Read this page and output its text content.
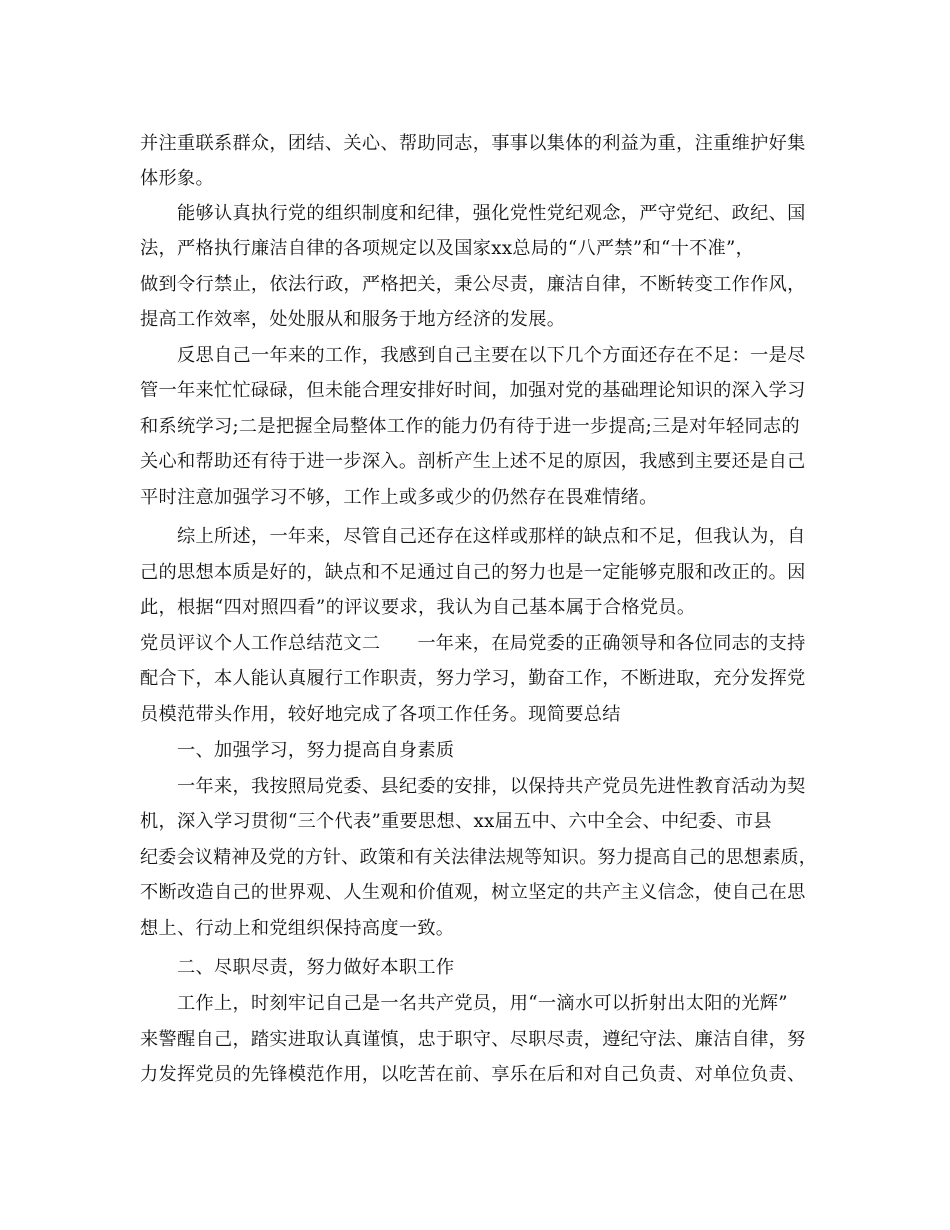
并注重联系群众，团结、关心、帮助同志，事事以集体的利益为重，注重维护好集
体形象。
能够认真执行党的组织制度和纪律，强化党性党纪观念，严守党纪、政纪、国
法，严格执行廉洁自律的各项规定以及国家xx总局的“八严禁”和“十不准”，
做到令行禁止，依法行政，严格把关，秉公尽责，廉洁自律，不断转变工作作风，
提高工作效率，处处服从和服务于地方经济的发展。
反思自己一年来的工作，我感到自己主要在以下几个方面还存在不足：一是尽
管一年来忙忙碌碌，但未能合理安排好时间，加强对党的基础理论知识的深入学习
和系统学习;二是把握全局整体工作的能力仍有待于进一步提高;三是对年轻同志的
关心和帮助还有待于进一步深入。剖析产生上述不足的原因，我感到主要还是自己
平时注意加强学习不够，工作上或多或少的仍然存在畏难情绪。
综上所述，一年来，尽管自己还存在这样或那样的缺点和不足，但我认为，自
己的思想本质是好的，缺点和不足通过自己的努力也是一定能够克服和改正的。因
此，根据“四对照四看”的评议要求，我认为自己基本属于合格党员。
党员评议个人工作总结范文二　　一年来，在局党委的正确领导和各位同志的支持
配合下，本人能认真履行工作职责，努力学习，勤奋工作，不断进取，充分发挥党
员模范带头作用，较好地完成了各项工作任务。现简要总结
一、加强学习，努力提高自身素质
一年来，我按照局党委、县纪委的安排，以保持共产党员先进性教育活动为契
机，深入学习贯彻“三个代表”重要思想、xx届五中、六中全会、中纪委、市县
纪委会议精神及党的方针、政策和有关法律法规等知识。努力提高自己的思想素质，
不断改造自己的世界观、人生观和价值观，树立坚定的共产主义信念，使自己在思
想上、行动上和党组织保持高度一致。
二、尽职尽责，努力做好本职工作
工作上，时刻牢记自己是一名共产党员，用“一滴水可以折射出太阳的光辉”
来警醒自己，踏实进取认真谨慎，忠于职守、尽职尽责，遵纪守法、廉洁自律，努
力发挥党员的先锋模范作用，以吃苦在前、享乐在后和对自己负责、对单位负责、
